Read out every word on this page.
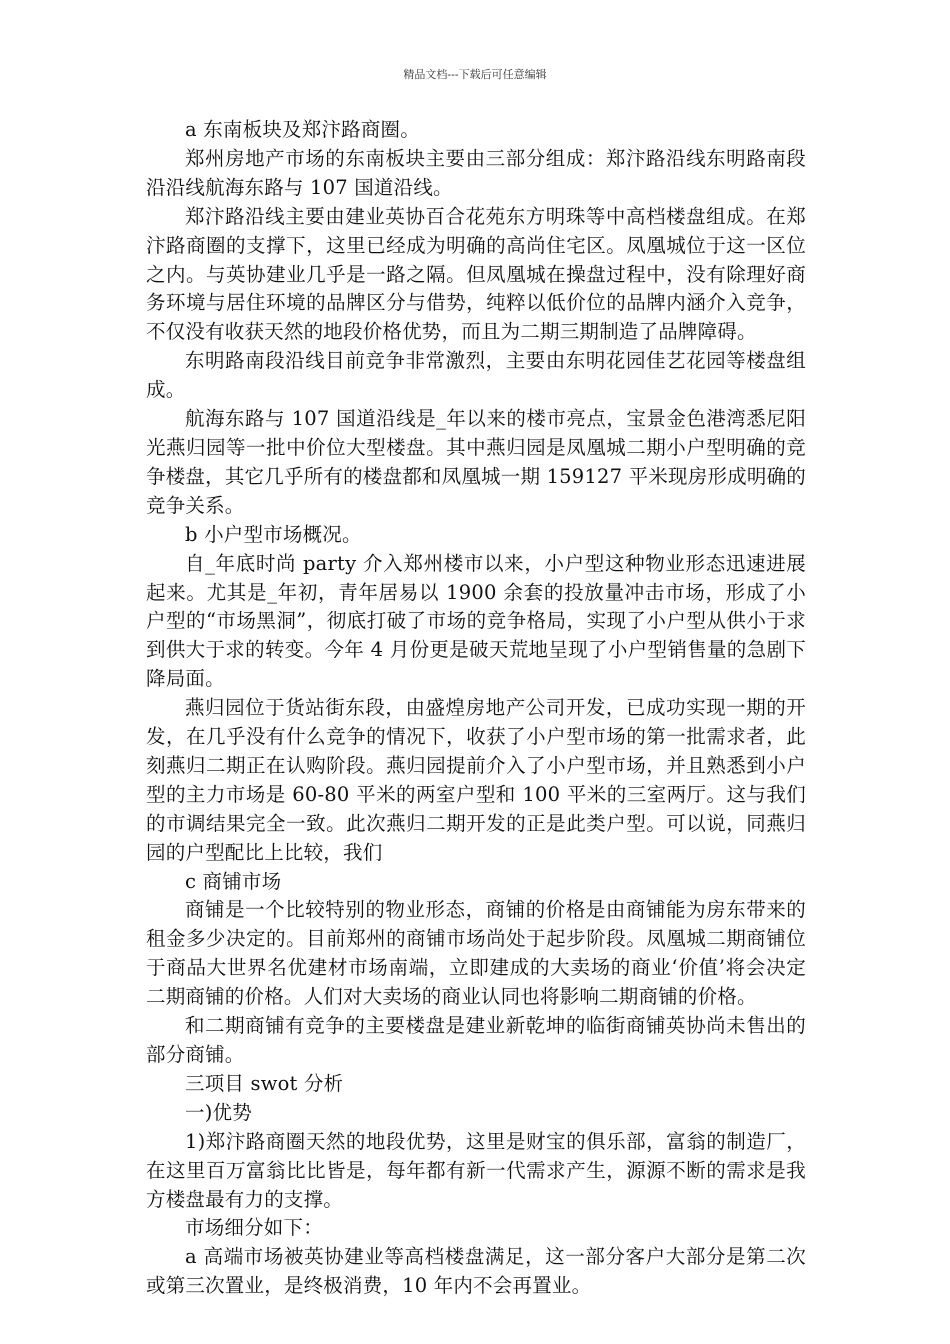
精品文档---下载后可任意编辑

a 东南板块及郑汴路商圈。

郑州房地产市场的东南板块主要由三部分组成：郑汴路沿线东明路南段沿沿线航海东路与 107 国道沿线。

郑汴路沿线主要由建业英协百合花苑东方明珠等中高档楼盘组成。在郑汴路商圈的支撑下，这里已经成为明确的高尚住宅区。凤凰城位于这一区位之内。与英协建业几乎是一路之隔。但凤凰城在操盘过程中，没有除理好商务环境与居住环境的品牌区分与借势，纯粹以低价位的品牌内涵介入竞争，不仅没有收获天然的地段价格优势，而且为二期三期制造了品牌障碍。

东明路南段沿线目前竞争非常激烈，主要由东明花园佳艺花园等楼盘组成。

航海东路与 107 国道沿线是_年以来的楼市亮点，宝景金色港湾悉尼阳光燕归园等一批中价位大型楼盘。其中燕归园是凤凰城二期小户型明确的竞争楼盘，其它几乎所有的楼盘都和凤凰城一期 159127 平米现房形成明确的竞争关系。

b 小户型市场概况。

自_年底时尚 party 介入郑州楼市以来，小户型这种物业形态迅速进展起来。尤其是_年初，青年居易以 1900 余套的投放量冲击市场，形成了小户型的“市场黑洞”，彻底打破了市场的竞争格局，实现了小户型从供小于求到供大于求的转变。今年 4 月份更是破天荒地呈现了小户型销售量的急剧下降局面。

燕归园位于货站街东段，由盛煌房地产公司开发，已成功实现一期的开发，在几乎没有什么竞争的情况下，收获了小户型市场的第一批需求者，此刻燕归二期正在认购阶段。燕归园提前介入了小户型市场，并且熟悉到小户型的主力市场是 60-80 平米的两室户型和 100 平米的三室两厅。这与我们的市调结果完全一致。此次燕归二期开发的正是此类户型。可以说，同燕归园的户型配比上比较，我们

c 商铺市场

商铺是一个比较特别的物业形态，商铺的价格是由商铺能为房东带来的租金多少决定的。目前郑州的商铺市场尚处于起步阶段。凤凰城二期商铺位于商品大世界名优建材市场南端，立即建成的大卖场的商业‘价值’将会决定二期商铺的价格。人们对大卖场的商业认同也将影响二期商铺的价格。

和二期商铺有竞争的主要楼盘是建业新乾坤的临街商铺英协尚未售出的部分商铺。

三项目 swot 分析

一)优势

1)郑汴路商圈天然的地段优势，这里是财宝的俱乐部，富翁的制造厂，在这里百万富翁比比皆是，每年都有新一代需求产生，源源不断的需求是我方楼盘最有力的支撑。

市场细分如下：

a 高端市场被英协建业等高档楼盘满足，这一部分客户大部分是第二次或第三次置业，是终极消费，10 年内不会再置业。
